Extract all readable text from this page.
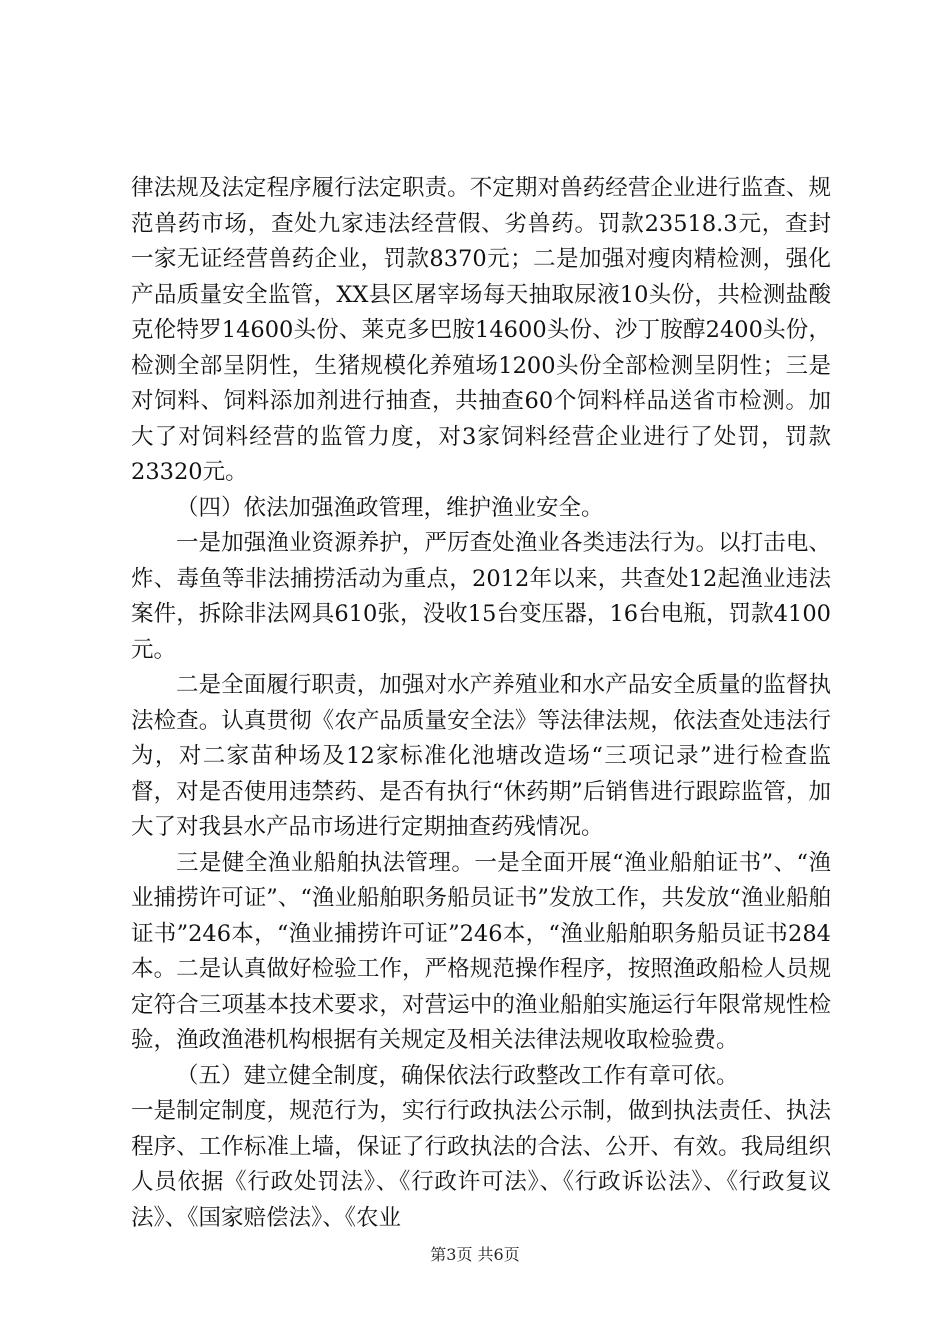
律法规及法定程序履行法定职责。不定期对兽药经营企业进行监查、规范兽药市场，查处九家违法经营假、劣兽药。罚款23518.3元，查封一家无证经营兽药企业，罚款8370元；二是加强对瘦肉精检测，强化产品质量安全监管，XX县区屠宰场每天抽取尿液10头份，共检测盐酸克伦特罗14600头份、莱克多巴胺14600头份、沙丁胺醇2400头份，检测全部呈阴性，生猪规模化养殖场1200头份全部检测呈阴性；三是对饲料、饲料添加剂进行抽查，共抽查60个饲料样品送省市检测。加大了对饲料经营的监管力度，对3家饲料经营企业进行了处罚，罚款23320元。

（四）依法加强渔政管理，维护渔业安全。

一是加强渔业资源养护，严厉查处渔业各类违法行为。以打击电、炸、毒鱼等非法捕捞活动为重点，2012年以来，共查处12起渔业违法案件，拆除非法网具610张，没收15台变压器，16台电瓶，罚款4100元。

二是全面履行职责，加强对水产养殖业和水产品安全质量的监督执法检查。认真贯彻《农产品质量安全法》等法律法规，依法查处违法行为，对二家苗种场及12家标准化池塘改造场“三项记录”进行检查监督，对是否使用违禁药、是否有执行“休药期”后销售进行跟踪监管，加大了对我县水产品市场进行定期抽查药残情况。

三是健全渔业船舶执法管理。一是全面开展“渔业船舶证书”、“渔业捕捞许可证”、“渔业船舶职务船员证书”发放工作，共发放“渔业船舶证书”246本，“渔业捕捞许可证”246本，“渔业船舶职务船员证书284本。二是认真做好检验工作，严格规范操作程序，按照渔政船检人员规定符合三项基本技术要求，对营运中的渔业船舶实施运行年限常规性检验，渔政渔港机构根据有关规定及相关法律法规收取检验费。

（五）建立健全制度，确保依法行政整改工作有章可依。

一是制定制度，规范行为，实行行政执法公示制，做到执法责任、执法程序、工作标准上墙，保证了行政执法的合法、公开、有效。我局组织人员依据《行政处罚法》、《行政许可法》、《行政诉讼法》、《行政复议法》、《国家赔偿法》、《农业

第3页 共6页
